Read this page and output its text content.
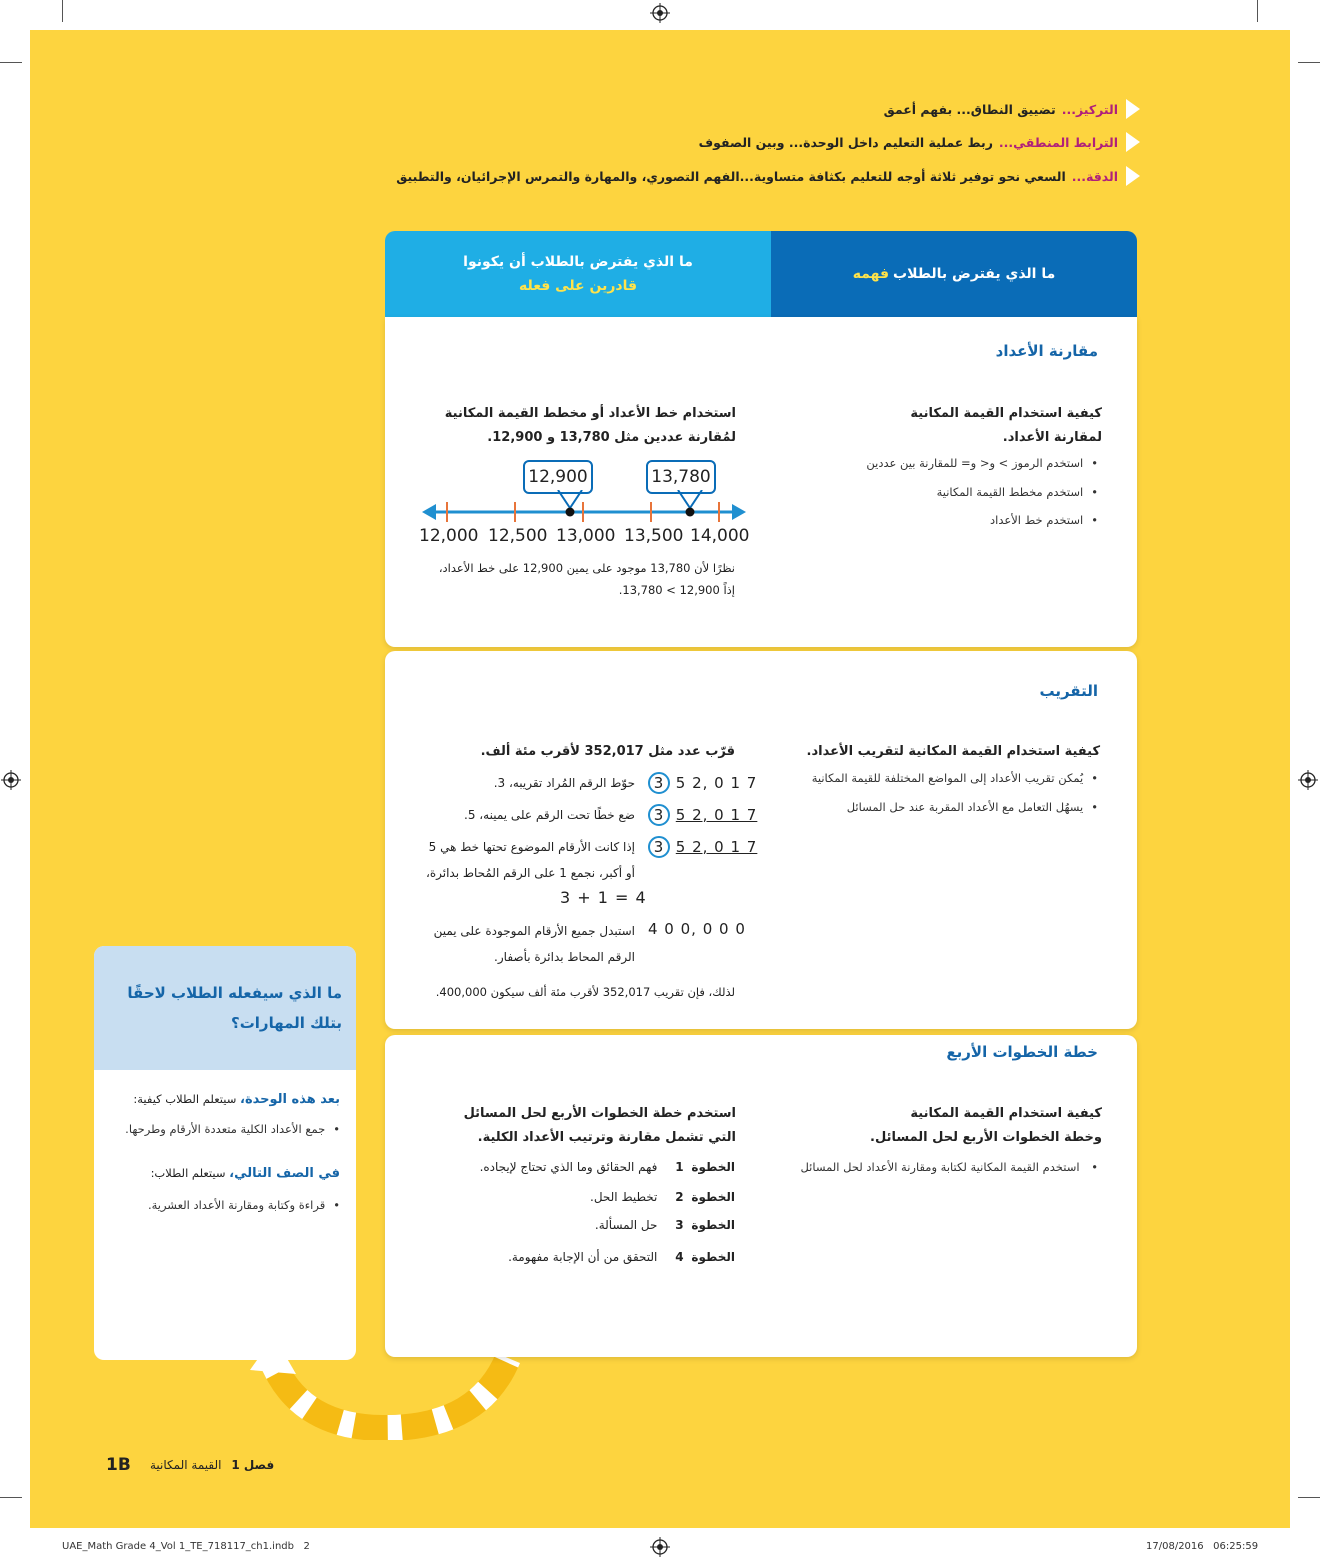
التركيز...
تضييق النطاق... بفهم أعمق
الترابط المنطقي...
ربط عملية التعليم داخل الوحدة... وبين الصفوف
الدقة...
السعي نحو توفير ثلاثة أوجه للتعليم بكثافة متساوية...الفهم التصوري، والمهارة والتمرس الإجرائيان، والتطبيق
ما الذي يفترض بالطلاب
فهمه
ما الذي يفترض بالطلاب أن يكونوا
قادرين على فعله
مقارنة الأعداد
كيفية استخدام القيمة المكانية لمقارنة الأعداد.
• استخدم الرموز > و< و= للمقارنة بين عددين
• استخدم مخطط القيمة المكانية
• استخدم خط الأعداد
استخدام خط الأعداد أو مخطط القيمة المكانية لمُقارنة عددين مثل 13,780 و 12,900.
12,900	13,780
12,000 12,500 13,000 13,500 14,000
نظرًا لأن 13,780 موجود على يمين 12,900 على خط الأعداد،
إذاً 12,900 > 13,780.
التقريب
كيفية استخدام القيمة المكانية لتقريب الأعداد.
• يُمكن تقريب الأعداد إلى المواضع المختلفة للقيمة المكانية
• يسهُل التعامل مع الأعداد المقربة عند حل المسائل
قرّب عدد مثل 352,017 لأقرب مئة ألف.
3 5 2, 0 1 7
حوّط الرقم المُراد تقريبه، 3.
3 5 2, 0 1 7
ضع خطًا تحت الرقم على يمينه، 5.
3 5 2, 0 1 7
إذا كانت الأرقام الموضوع تحتها خط هي 5
أو أكبر، نجمع 1 على الرقم المُحاط بدائرة،
3 + 1 = 4
4 0 0, 0 0 0
استبدل جميع الأرقام الموجودة على يمين
الرقم المحاط بدائرة بأصفار.
لذلك، فإن تقريب 352,017 لأقرب مئة ألف سيكون 400,000.
خطة الخطوات الأربع
كيفية استخدام القيمة المكانية وخطة الخطوات الأربع لحل المسائل.
• استخدم القيمة المكانية لكتابة ومقارنة الأعداد لحل المسائل
استخدم خطة الخطوات الأربع لحل المسائل التي تشمل مقارنة وترتيب الأعداد الكلية.
الخطوة 1 فهم الحقائق وما الذي تحتاج لإيجاده.
الخطوة 2 تخطيط الحل.
الخطوة 3 حل المسألة.
الخطوة 4 التحقق من أن الإجابة مفهومة.
ما الذي سيفعله الطلاب لاحقًا بتلك المهارات؟
بعد هذه الوحدة، سيتعلم الطلاب كيفية:
• جمع الأعداد الكلية متعددة الأرقام وطرحها.
في الصف التالي، سيتعلم الطلاب:
• قراءة وكتابة ومقارنة الأعداد العشرية.
1B	فصل 1 القيمة المكانية
UAE_Math Grade 4_Vol 1_TE_718117_ch1.indb   2	17/08/2016   06:25:59
